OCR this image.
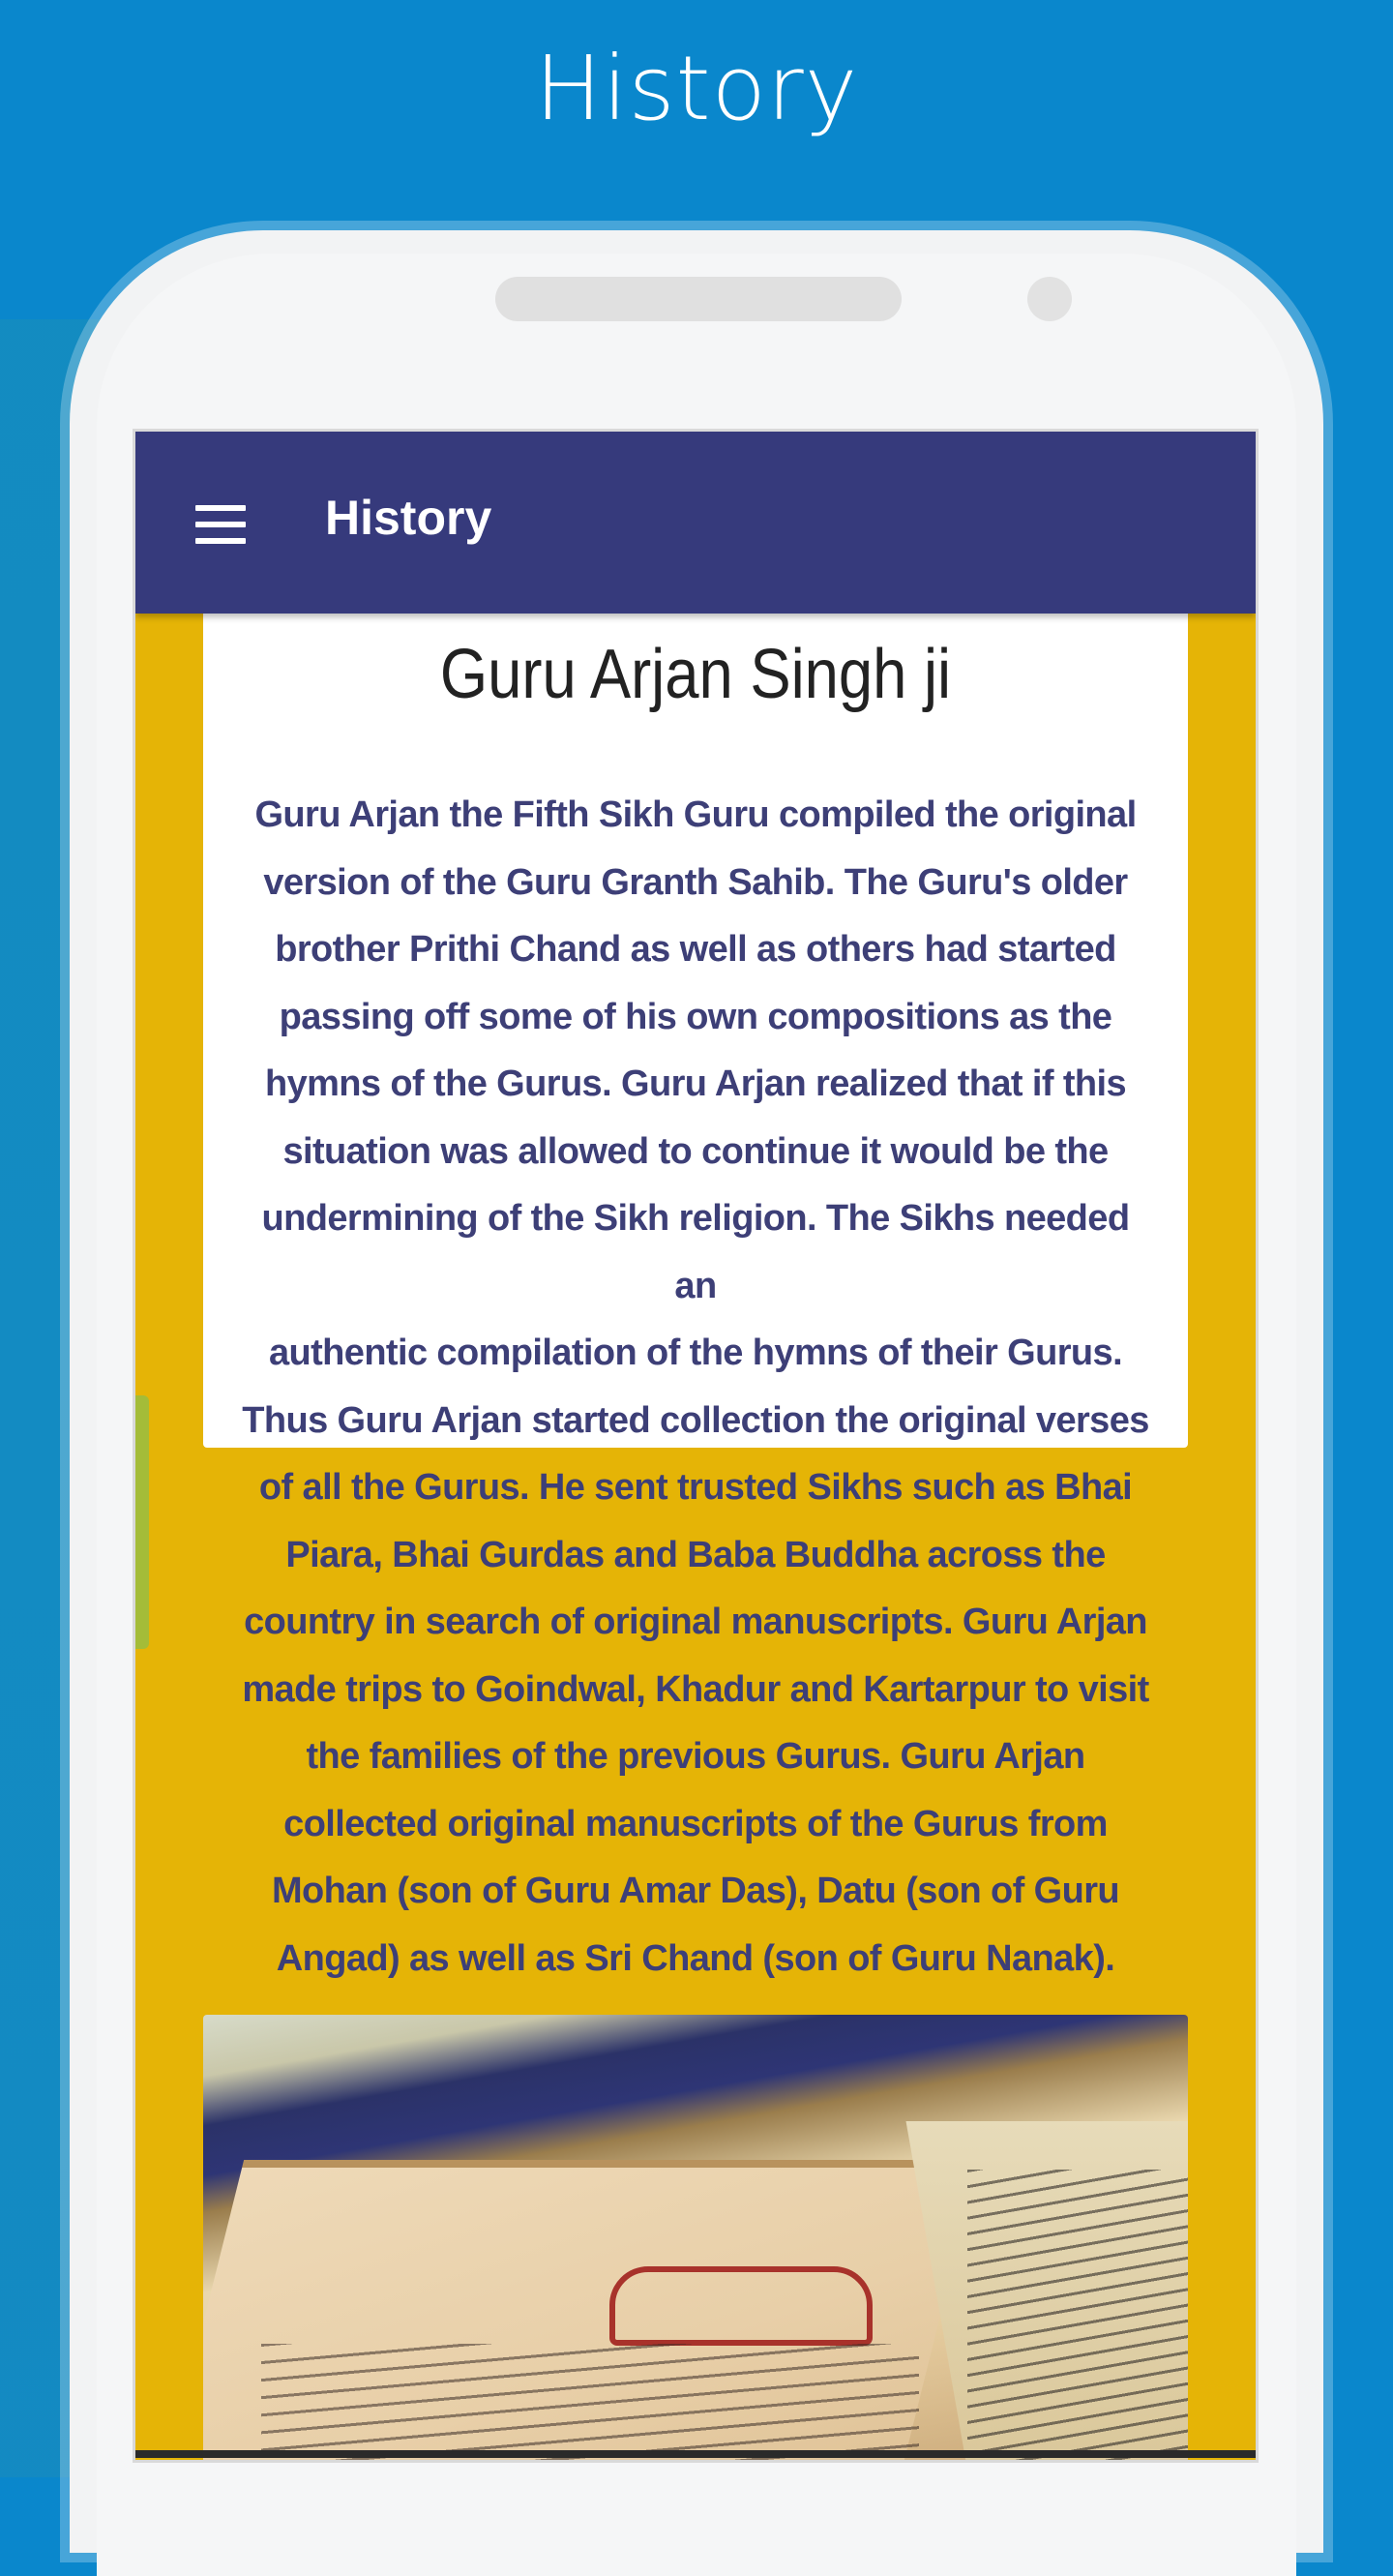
History
History
Guru Arjan Singh ji
Guru Arjan the Fifth Sikh Guru compiled the original
version of the Guru Granth Sahib. The Guru's older
brother Prithi Chand as well as others had started
passing off some of his own compositions as the
hymns of the Gurus. Guru Arjan realized that if this
situation was allowed to continue it would be the
undermining of the Sikh religion. The Sikhs needed an
authentic compilation of the hymns of their Gurus.
Thus Guru Arjan started collection the original verses
of all the Gurus. He sent trusted Sikhs such as Bhai
Piara, Bhai Gurdas and Baba Buddha across the
country in search of original manuscripts. Guru Arjan
made trips to Goindwal, Khadur and Kartarpur to visit
the families of the previous Gurus. Guru Arjan
collected original manuscripts of the Gurus from
Mohan (son of Guru Amar Das), Datu (son of Guru
Angad) as well as Sri Chand (son of Guru Nanak).
